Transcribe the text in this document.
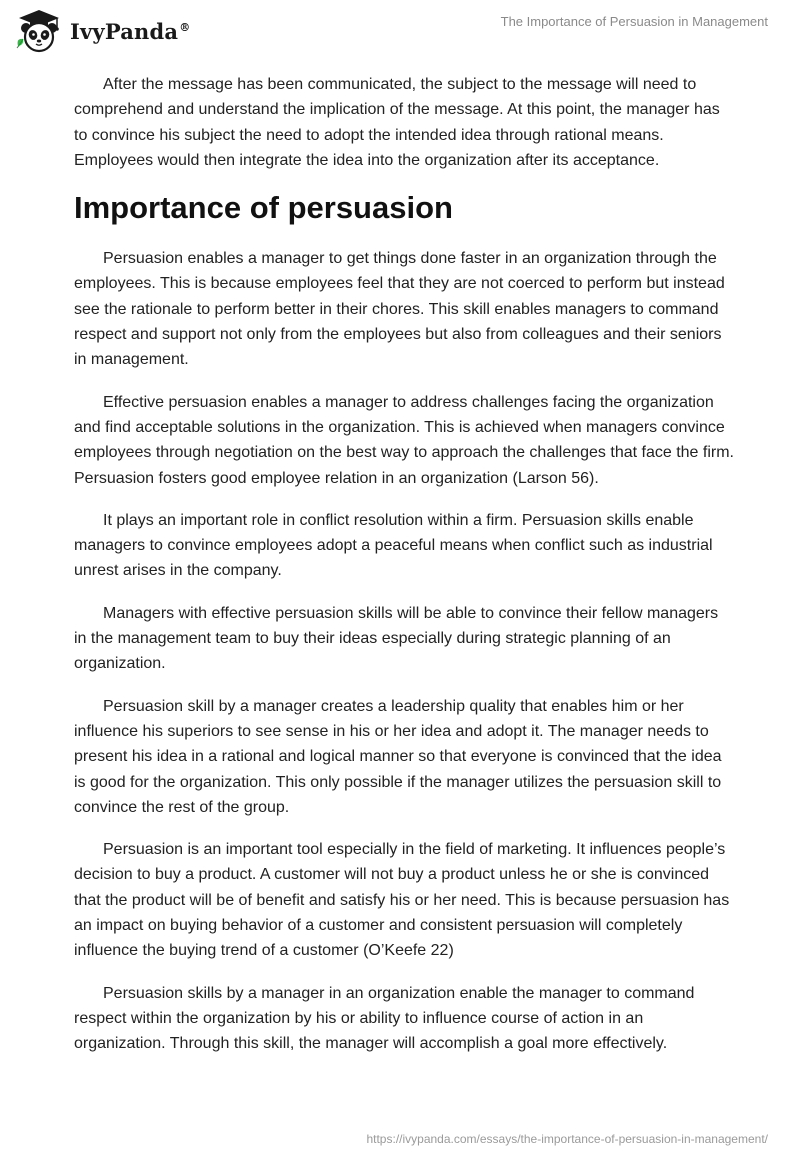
IvyPanda®	The Importance of Persuasion in Management

After the message has been communicated, the subject to the message will need to comprehend and understand the implication of the message. At this point, the manager has to convince his subject the need to adopt the intended idea through rational means. Employees would then integrate the idea into the organization after its acceptance.

Importance of persuasion

Persuasion enables a manager to get things done faster in an organization through the employees. This is because employees feel that they are not coerced to perform but instead see the rationale to perform better in their chores. This skill enables managers to command respect and support not only from the employees but also from colleagues and their seniors in management.

Effective persuasion enables a manager to address challenges facing the organization and find acceptable solutions in the organization. This is achieved when managers convince employees through negotiation on the best way to approach the challenges that face the firm. Persuasion fosters good employee relation in an organization (Larson 56).

It plays an important role in conflict resolution within a firm. Persuasion skills enable managers to convince employees adopt a peaceful means when conflict such as industrial unrest arises in the company.

Managers with effective persuasion skills will be able to convince their fellow managers in the management team to buy their ideas especially during strategic planning of an organization.

Persuasion skill by a manager creates a leadership quality that enables him or her influence his superiors to see sense in his or her idea and adopt it. The manager needs to present his idea in a rational and logical manner so that everyone is convinced that the idea is good for the organization. This only possible if the manager utilizes the persuasion skill to convince the rest of the group.

Persuasion is an important tool especially in the field of marketing. It influences people’s decision to buy a product. A customer will not buy a product unless he or she is convinced that the product will be of benefit and satisfy his or her need. This is because persuasion has an impact on buying behavior of a customer and consistent persuasion will completely influence the buying trend of a customer (O’Keefe 22)

Persuasion skills by a manager in an organization enable the manager to command respect within the organization by his or ability to influence course of action in an organization. Through this skill, the manager will accomplish a goal more effectively.

https://ivypanda.com/essays/the-importance-of-persuasion-in-management/
